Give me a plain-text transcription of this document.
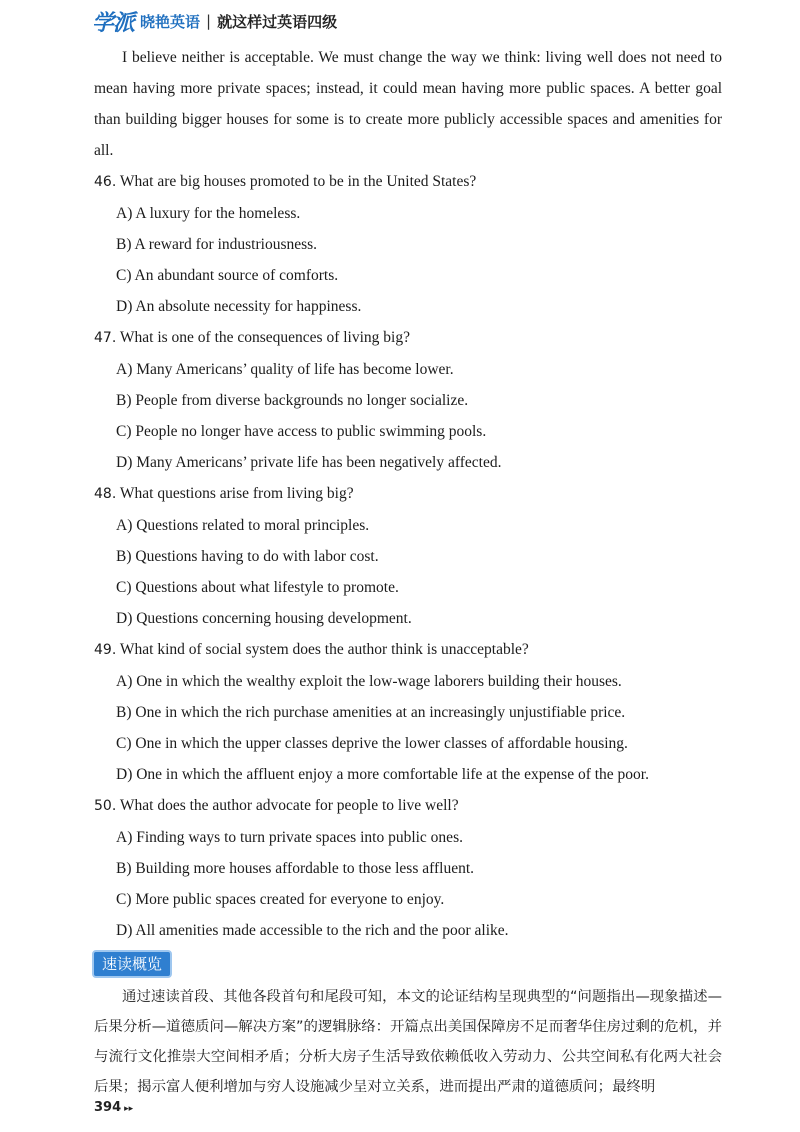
学派 晓艳英语 | 就这样过英语四级

I believe neither is acceptable. We must change the way we think: living well does not need to mean having more private spaces; instead, it could mean having more public spaces. A better goal than building bigger houses for some is to create more publicly accessible spaces and amenities for all.

46. What are big houses promoted to be in the United States?

A) A luxury for the homeless.

B) A reward for industriousness.

C) An abundant source of comforts.

D) An absolute necessity for happiness.

47. What is one of the consequences of living big?

A) Many Americans’ quality of life has become lower.

B) People from diverse backgrounds no longer socialize.

C) People no longer have access to public swimming pools.

D) Many Americans’ private life has been negatively affected.

48. What questions arise from living big?

A) Questions related to moral principles.

B) Questions having to do with labor cost.

C) Questions about what lifestyle to promote.

D) Questions concerning housing development.

49. What kind of social system does the author think is unacceptable?

A) One in which the wealthy exploit the low-wage laborers building their houses.

B) One in which the rich purchase amenities at an increasingly unjustifiable price.

C) One in which the upper classes deprive the lower classes of affordable housing.

D) One in which the affluent enjoy a more comfortable life at the expense of the poor.

50. What does the author advocate for people to live well?

A) Finding ways to turn private spaces into public ones.

B) Building more houses affordable to those less affluent.

C) More public spaces created for everyone to enjoy.

D) All amenities made accessible to the rich and the poor alike.

速读概览

通过速读首段、其他各段首句和尾段可知，本文的论证结构呈现典型的“问题指出—现象描述—后果分析—道德质问—解决方案”的逻辑脉络：开篇点出美国保障房不足而奢华住房过剩的危机，并与流行文化推崇大空间相矛盾；分析大房子生活导致依赖低收入劳动力、公共空间私有化两大社会后果；揭示富人便利增加与穷人设施减少呈对立关系，进而提出严肃的道德质问；最终明

394 ▸▸
